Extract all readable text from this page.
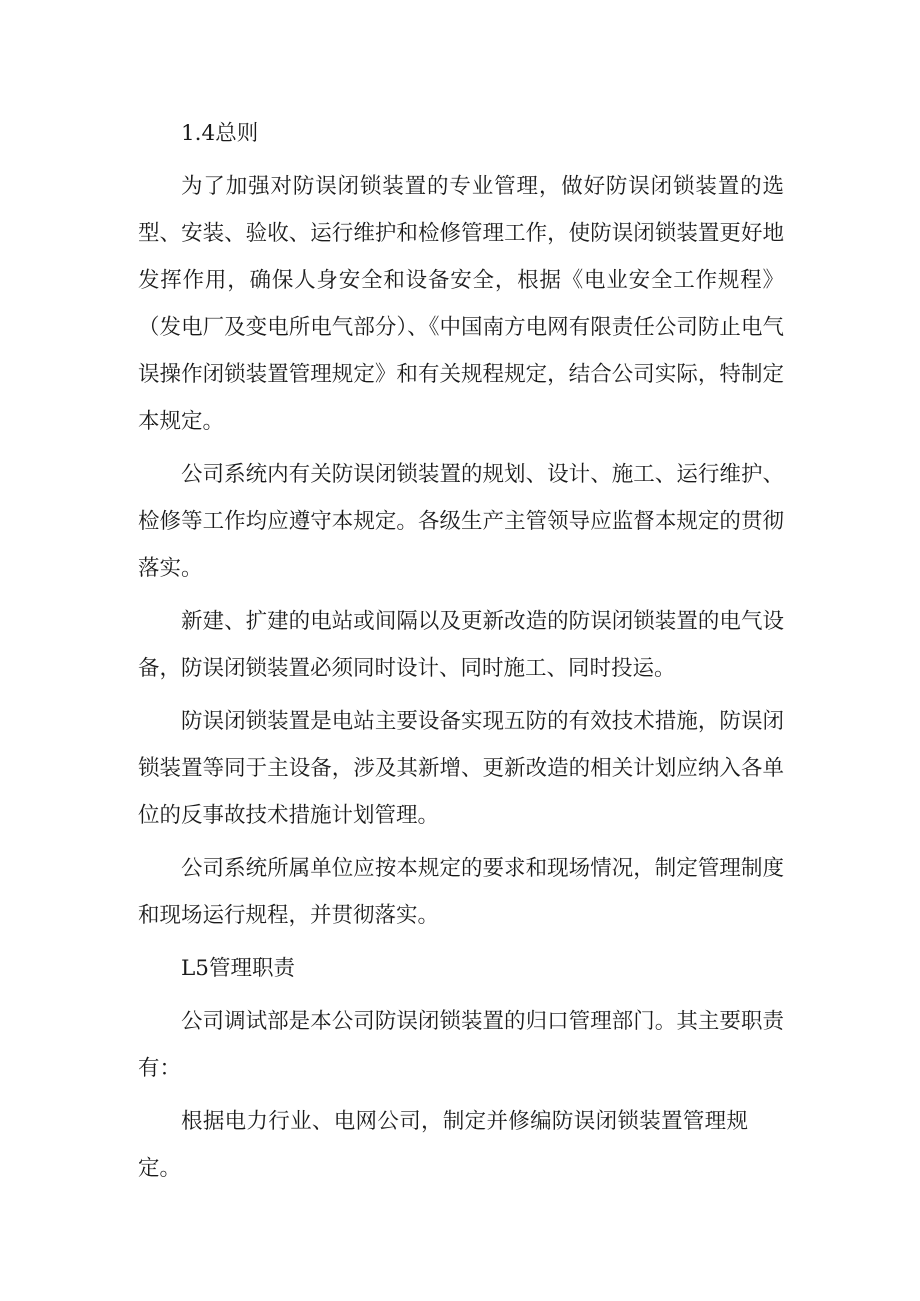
1.4总则

为了加强对防误闭锁装置的专业管理，做好防误闭锁装置的选型、安装、验收、运行维护和检修管理工作，使防误闭锁装置更好地发挥作用，确保人身安全和设备安全，根据《电业安全工作规程》（发电厂及变电所电气部分）、《中国南方电网有限责任公司防止电气误操作闭锁装置管理规定》和有关规程规定，结合公司实际，特制定本规定。

公司系统内有关防误闭锁装置的规划、设计、施工、运行维护、检修等工作均应遵守本规定。各级生产主管领导应监督本规定的贯彻落实。

新建、扩建的电站或间隔以及更新改造的防误闭锁装置的电气设备，防误闭锁装置必须同时设计、同时施工、同时投运。

防误闭锁装置是电站主要设备实现五防的有效技术措施，防误闭锁装置等同于主设备，涉及其新增、更新改造的相关计划应纳入各单位的反事故技术措施计划管理。

公司系统所属单位应按本规定的要求和现场情况，制定管理制度和现场运行规程，并贯彻落实。

L5管理职责

公司调试部是本公司防误闭锁装置的归口管理部门。其主要职责有：

根据电力行业、电网公司，制定并修编防误闭锁装置管理规定。
